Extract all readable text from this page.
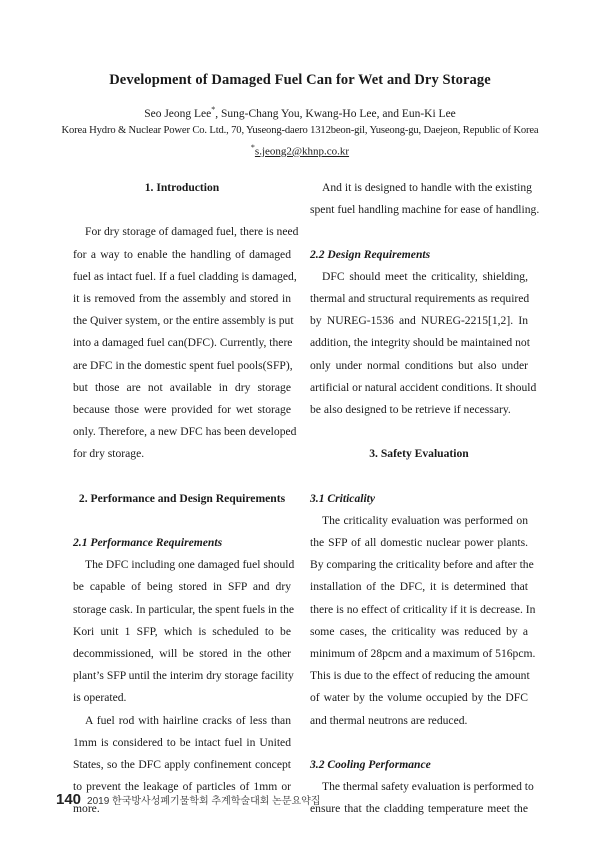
Development of Damaged Fuel Can for Wet and Dry Storage
Seo Jeong Lee*, Sung-Chang You, Kwang-Ho Lee, and Eun-Ki Lee
Korea Hydro & Nuclear Power Co. Ltd., 70, Yuseong-daero 1312beon-gil, Yuseong-gu, Daejeon, Republic of Korea
*s.jeong2@khnp.co.kr
1. Introduction
For dry storage of damaged fuel, there is need
for a way to enable the handling of damaged
fuel as intact fuel. If a fuel cladding is damaged,
it is removed from the assembly and stored in
the Quiver system, or the entire assembly is put
into a damaged fuel can(DFC). Currently, there
are DFC in the domestic spent fuel pools(SFP),
but those are not available in dry storage
because those were provided for wet storage
only. Therefore, a new DFC has been developed
for dry storage.
2. Performance and Design Requirements
2.1 Performance Requirements
The DFC including one damaged fuel should
be capable of being stored in SFP and dry
storage cask. In particular, the spent fuels in the
Kori unit 1 SFP, which is scheduled to be
decommissioned, will be stored in the other
plant’s SFP until the interim dry storage facility
is operated.
A fuel rod with hairline cracks of less than
1mm is considered to be intact fuel in United
States, so the DFC apply confinement concept
to prevent the leakage of particles of 1mm or
more.
And it is designed to handle with the existing
spent fuel handling machine for ease of handling.
2.2 Design Requirements
DFC should meet the criticality, shielding,
thermal and structural requirements as required
by NUREG-1536 and NUREG-2215[1,2]. In
addition, the integrity should be maintained not
only under normal conditions but also under
artificial or natural accident conditions. It should
be also designed to be retrieve if necessary.
3. Safety Evaluation
3.1 Criticality
The criticality evaluation was performed on
the SFP of all domestic nuclear power plants.
By comparing the criticality before and after the
installation of the DFC, it is determined that
there is no effect of criticality if it is decrease. In
some cases, the criticality was reduced by a
minimum of 28pcm and a maximum of 516pcm.
This is due to the effect of reducing the amount
of water by the volume occupied by the DFC
and thermal neutrons are reduced.
3.2 Cooling Performance
The thermal safety evaluation is performed to
ensure that the cladding temperature meet the
140 2019 한국방사성폐기물학회 추계학술대회 논문요약집
